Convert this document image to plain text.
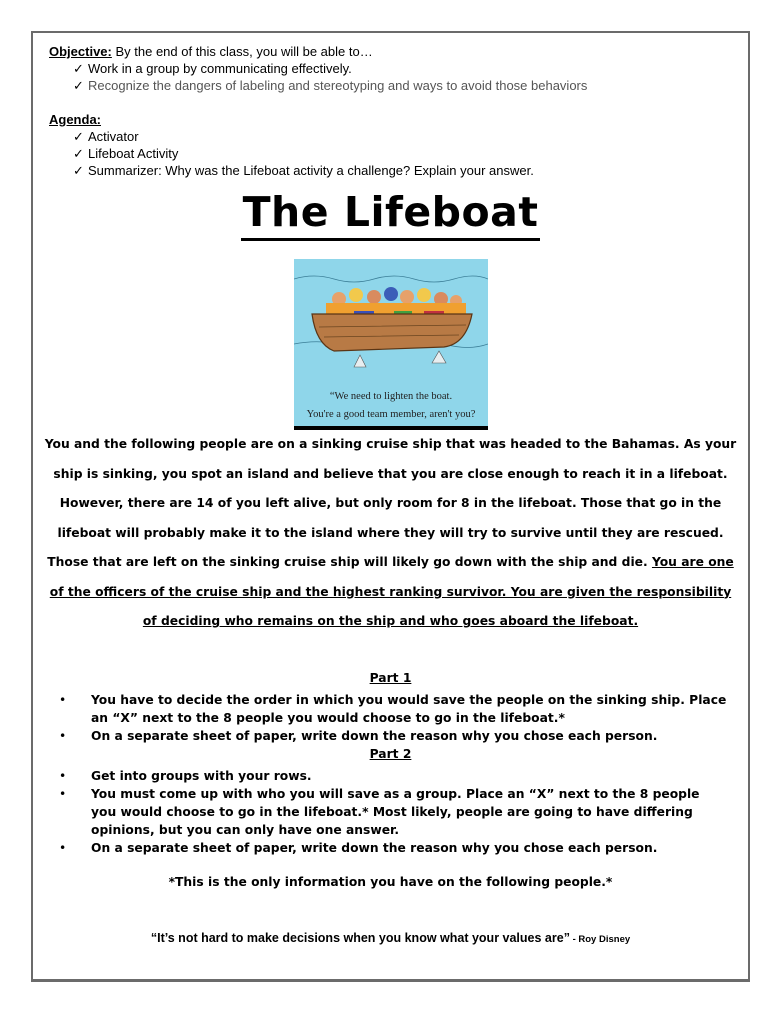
Objective: By the end of this class, you will be able to…
✓ Work in a group by communicating effectively.
✓ Recognize the dangers of labeling and stereotyping and ways to avoid those behaviors
Agenda:
✓ Activator
✓ Lifeboat Activity
✓ Summarizer: Why was the Lifeboat activity a challenge? Explain your answer.
The Lifeboat
“We need to lighten the boat.
You're a good team member, aren't you?
You and the following people are on a sinking cruise ship that was headed to the Bahamas. As your ship is sinking, you spot an island and believe that you are close enough to reach it in a lifeboat. However, there are 14 of you left alive, but only room for 8 in the lifeboat. Those that go in the lifeboat will probably make it to the island where they will try to survive until they are rescued. Those that are left on the sinking cruise ship will likely go down with the ship and die. You are one of the officers of the cruise ship and the highest ranking survivor. You are given the responsibility of deciding who remains on the ship and who goes aboard the lifeboat.
Part 1
• You have to decide the order in which you would save the people on the sinking ship. Place an “X” next to the 8 people you would choose to go in the lifeboat.*
• On a separate sheet of paper, write down the reason why you chose each person.
Part 2
• Get into groups with your rows.
• You must come up with who you will save as a group. Place an “X” next to the 8 people you would choose to go in the lifeboat.* Most likely, people are going to have differing opinions, but you can only have one answer.
• On a separate sheet of paper, write down the reason why you chose each person.
*This is the only information you have on the following people.*
“It’s not hard to make decisions when you know what your values are” - Roy Disney
